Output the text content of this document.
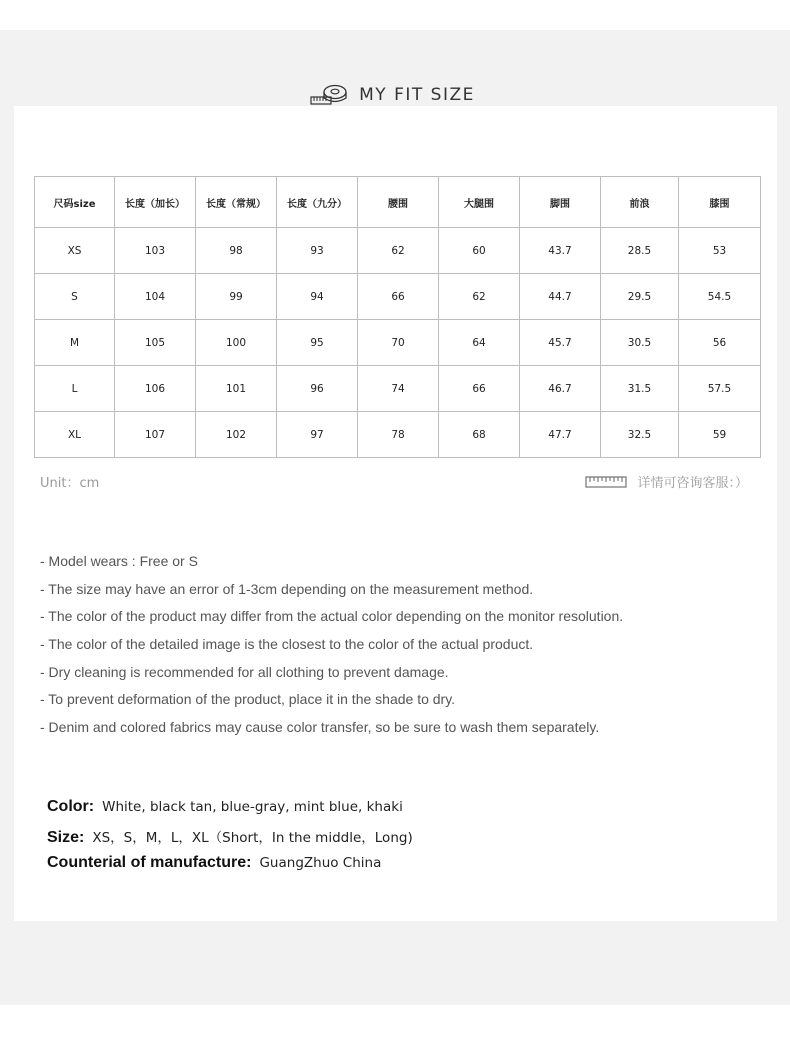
MY FIT SIZE
尺码size	长度（加长）	长度（常规）	长度（九分）	腰围	大腿围	脚围	前浪	膝围
XS	103	98	93	62	60	43.7	28.5	53
S	104	99	94	66	62	44.7	29.5	54.5
M	105	100	95	70	64	45.7	30.5	56
L	106	101	96	74	66	46.7	31.5	57.5
XL	107	102	97	78	68	47.7	32.5	59
Unit：cm	详情可咨询客服：）
- Model wears : Free or S
- The size may have an error of 1-3cm depending on the measurement method.
- The color of the product may differ from the actual color depending on the monitor resolution.
- The color of the detailed image is the closest to the color of the actual product.
- Dry cleaning is recommended for all clothing to prevent damage.
- To prevent deformation of the product, place it in the shade to dry.
- Denim and colored fabrics may cause color transfer, so be sure to wash them separately.
Color: White, black tan, blue-gray, mint blue, khaki
Size: XS，S，M，L，XL（Short，In the middle，Long)
Counterial of manufacture: GuangZhuo China
